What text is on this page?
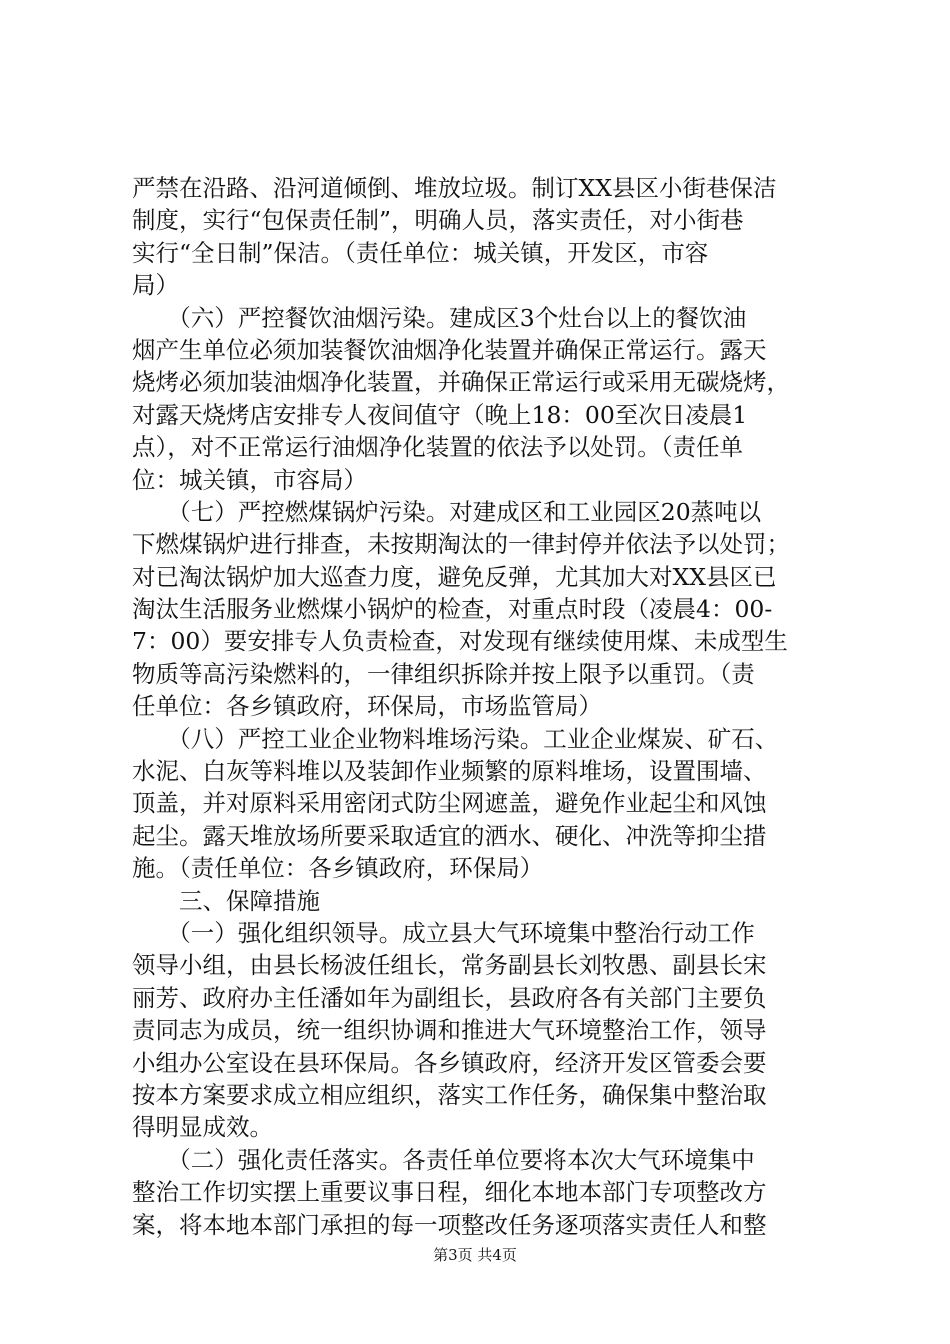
严禁在沿路、沿河道倾倒、堆放垃圾。制订XX县区小街巷保洁
制度，实行“包保责任制”，明确人员，落实责任，对小街巷
实行“全日制”保洁。（责任单位：城关镇，开发区，市容
局）
　　（六）严控餐饮油烟污染。建成区3个灶台以上的餐饮油
烟产生单位必须加装餐饮油烟净化装置并确保正常运行。露天
烧烤必须加装油烟净化装置，并确保正常运行或采用无碳烧烤，
对露天烧烤店安排专人夜间值守（晚上18：00至次日凌晨1
点），对不正常运行油烟净化装置的依法予以处罚。（责任单
位：城关镇，市容局）
　　（七）严控燃煤锅炉污染。对建成区和工业园区20蒸吨以
下燃煤锅炉进行排查，未按期淘汰的一律封停并依法予以处罚；
对已淘汰锅炉加大巡查力度，避免反弹，尤其加大对XX县区已
淘汰生活服务业燃煤小锅炉的检查，对重点时段（凌晨4：00-
7：00）要安排专人负责检查，对发现有继续使用煤、未成型生
物质等高污染燃料的，一律组织拆除并按上限予以重罚。（责
任单位：各乡镇政府，环保局，市场监管局）
　　（八）严控工业企业物料堆场污染。工业企业煤炭、矿石、
水泥、白灰等料堆以及装卸作业频繁的原料堆场，设置围墙、
顶盖，并对原料采用密闭式防尘网遮盖，避免作业起尘和风蚀
起尘。露天堆放场所要采取适宜的洒水、硬化、冲洗等抑尘措
施。（责任单位：各乡镇政府，环保局）
　　三、保障措施
　　（一）强化组织领导。成立县大气环境集中整治行动工作
领导小组，由县长杨波任组长，常务副县长刘牧愚、副县长宋
丽芳、政府办主任潘如年为副组长，县政府各有关部门主要负
责同志为成员，统一组织协调和推进大气环境整治工作，领导
小组办公室设在县环保局。各乡镇政府，经济开发区管委会要
按本方案要求成立相应组织，落实工作任务，确保集中整治取
得明显成效。
　　（二）强化责任落实。各责任单位要将本次大气环境集中
整治工作切实摆上重要议事日程，细化本地本部门专项整改方
案，将本地本部门承担的每一项整改任务逐项落实责任人和整
第3页 共4页
